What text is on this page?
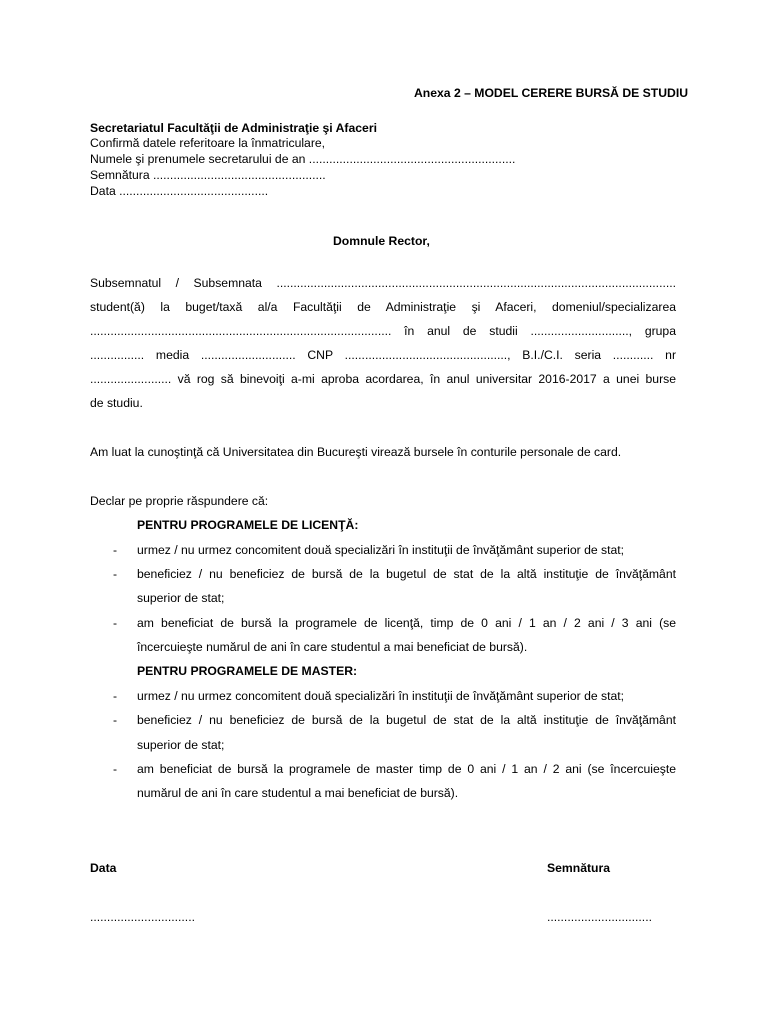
Anexa 2 – MODEL CERERE BURSĂ DE STUDIU
Secretariatul Facultăţii de Administraţie şi Afaceri
Confirmă datele referitoare la înmatriculare,
Numele şi prenumele secretarului de an .............................................................
Semnătura ...................................................
Data ............................................
Domnule Rector,
Subsemnatul / Subsemnata ......................................................................................................................
student(ă) la buget/taxă al/a Facultăţii de Administraţie şi Afaceri, domeniul/specializarea
......................................................................................... în anul de studii ............................., grupa
................ media ............................ CNP ................................................, B.I./C.I. seria ............ nr
........................ vă rog să binevoiţi a-mi aproba acordarea, în anul universitar 2016-2017 a unei burse
de studiu.
Am luat la cunoştinţă că Universitatea din Bucureşti virează bursele în conturile personale de card.
Declar pe proprie răspundere că:
PENTRU PROGRAMELE DE LICENŢĂ:
- urmez / nu urmez concomitent două specializări în instituţii de învăţământ superior de stat;
- beneficiez / nu beneficiez de bursă de la bugetul de stat de la altă instituţie de învăţământ
superior de stat;
- am beneficiat de bursă la programele de licenţă, timp de 0 ani / 1 an / 2 ani / 3 ani (se
încercuieşte numărul de ani în care studentul a mai beneficiat de bursă).
PENTRU PROGRAMELE DE MASTER:
- urmez / nu urmez concomitent două specializări în instituţii de învăţământ superior de stat;
- beneficiez / nu beneficiez de bursă de la bugetul de stat de la altă instituţie de învăţământ
superior de stat;
- am beneficiat de bursă la programele de master timp de 0 ani / 1 an / 2 ani (se încercuieşte
numărul de ani în care studentul a mai beneficiat de bursă).
Data	Semnătura
...............................	...............................
